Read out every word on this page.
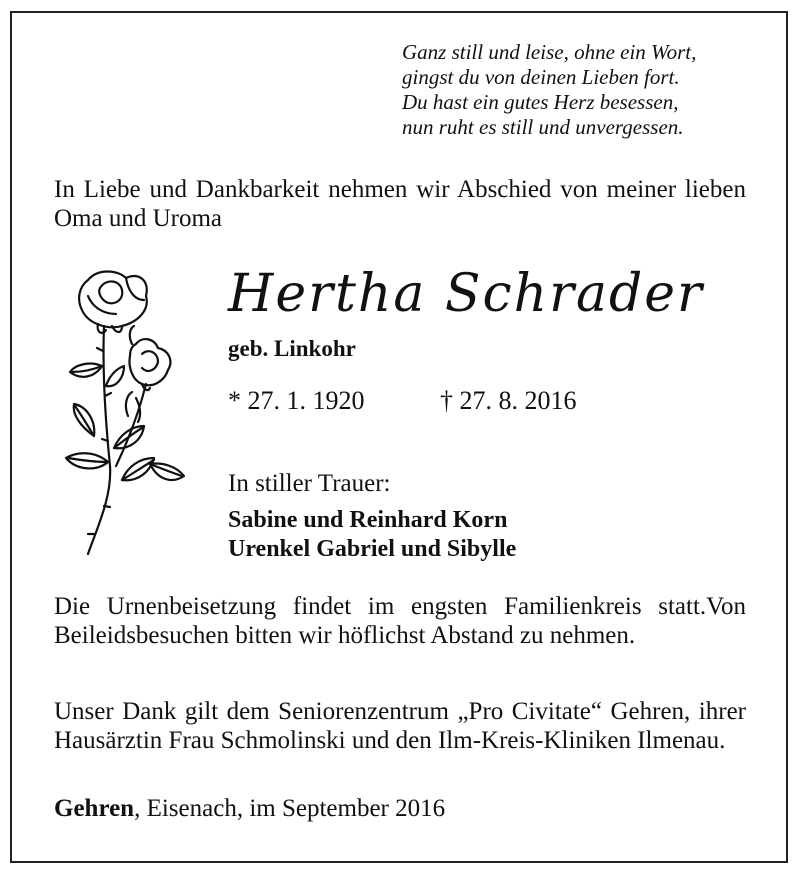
Ganz still und leise, ohne ein Wort,
gingst du von deinen Lieben fort.
Du hast ein gutes Herz besessen,
nun ruht es still und unvergessen.
In Liebe und Dankbarkeit nehmen wir Abschied von meiner lieben Oma und Uroma
Hertha Schrader
geb. Linkohr
* 27. 1. 1920	† 27. 8. 2016
In stiller Trauer:
Sabine und Reinhard Korn
Urenkel Gabriel und Sibylle
Die Urnenbeisetzung findet im engsten Familienkreis statt.Von Beileidsbesuchen bitten wir höflichst Abstand zu nehmen.
Unser Dank gilt dem Seniorenzentrum „Pro Civitate“ Gehren, ihrer Hausärztin Frau Schmolinski und den Ilm-Kreis-Kliniken Ilmenau.
Gehren, Eisenach, im September 2016
